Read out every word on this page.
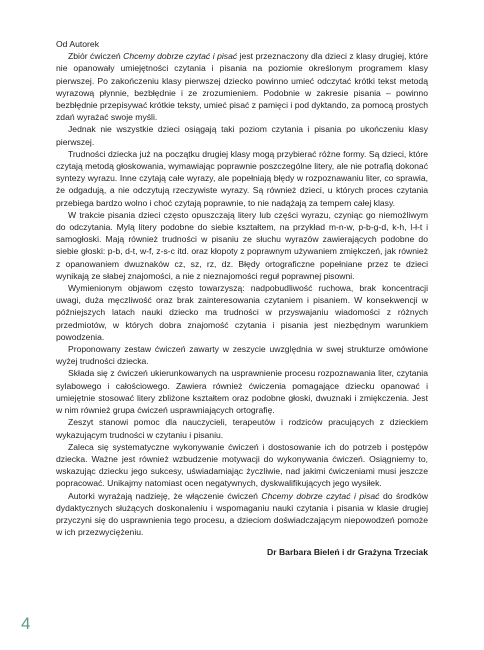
Od Autorek

Zbiór ćwiczeń Chcemy dobrze czytać i pisać jest przeznaczony dla dzieci z klasy drugiej, które nie opanowały umiejętności czytania i pisania na poziomie określonym programem klasy pierwszej. Po zakończeniu klasy pierwszej dziecko powinno umieć odczytać krótki tekst metodą wyrazową płynnie, bezbłędnie i ze zrozumieniem. Podobnie w zakresie pisania – powinno bezbłędnie przepisywać krótkie teksty, umieć pisać z pamięci i pod dyktando, za pomocą prostych zdań wyrażać swoje myśli.

Jednak nie wszystkie dzieci osiągają taki poziom czytania i pisania po ukończeniu klasy pierwszej.

Trudności dziecka już na początku drugiej klasy mogą przybierać różne formy. Są dzieci, które czytają metodą głoskowania, wymawiając poprawnie poszczególne litery, ale nie potrafią dokonać syntezy wyrazu. Inne czytają całe wyrazy, ale popełniają błędy w rozpoznawaniu liter, co sprawia, że odgadują, a nie odczytują rzeczywiste wyrazy. Są również dzieci, u których proces czytania przebiega bardzo wolno i choć czytają poprawnie, to nie nadążają za tempem całej klasy.

W trakcie pisania dzieci często opuszczają litery lub części wyrazu, czyniąc go niemożliwym do odczytania. Mylą litery podobne do siebie kształtem, na przykład m-n-w, p-b-g-d, k-h, l-ł-t i samogłoski. Mają również trudności w pisaniu ze słuchu wyrazów zawierających podobne do siebie głoski: p-b, d-t, w-f, z-s-c itd. oraz kłopoty z poprawnym używaniem zmiękczeń, jak również z opanowaniem dwuznaków cz, sz, rz, dz. Błędy ortograficzne popełniane przez te dzieci wynikają ze słabej znajomości, a nie z nieznajomości reguł poprawnej pisowni.

Wymienionym objawom często towarzyszą: nadpobudliwość ruchowa, brak koncentracji uwagi, duża męczliwość oraz brak zainteresowania czytaniem i pisaniem. W konsekwencji w późniejszych latach nauki dziecko ma trudności w przyswajaniu wiadomości z różnych przedmiotów, w których dobra znajomość czytania i pisania jest niezbędnym warunkiem powodzenia.

Proponowany zestaw ćwiczeń zawarty w zeszycie uwzględnia w swej strukturze omówione wyżej trudności dziecka.

Składa się z ćwiczeń ukierunkowanych na usprawnienie procesu rozpoznawania liter, czytania sylabowego i całościowego. Zawiera również ćwiczenia pomagające dziecku opanować i umiejętnie stosować litery zbliżone kształtem oraz podobne głoski, dwuznaki i zmiękczenia. Jest w nim również grupa ćwiczeń usprawniających ortografię.

Zeszyt stanowi pomoc dla nauczycieli, terapeutów i rodziców pracujących z dzieckiem wykazującym trudności w czytaniu i pisaniu.

Zaleca się systematyczne wykonywanie ćwiczeń i dostosowanie ich do potrzeb i postępów dziecka. Ważne jest również wzbudzenie motywacji do wykonywania ćwiczeń. Osiągniemy to, wskazując dziecku jego sukcesy, uświadamiając życzliwie, nad jakimi ćwiczeniami musi jeszcze popracować. Unikajmy natomiast ocen negatywnych, dyskwalifikujących jego wysiłek.

Autorki wyrażają nadzieję, że włączenie ćwiczeń Chcemy dobrze czytać i pisać do środków dydaktycznych służących doskonaleniu i wspomaganiu nauki czytania i pisania w klasie drugiej przyczyni się do usprawnienia tego procesu, a dzieciom doświadczającym niepowodzeń pomoże w ich przezwyciężeniu.

Dr Barbara Bieleń i dr Grażyna Trzeciak
4
